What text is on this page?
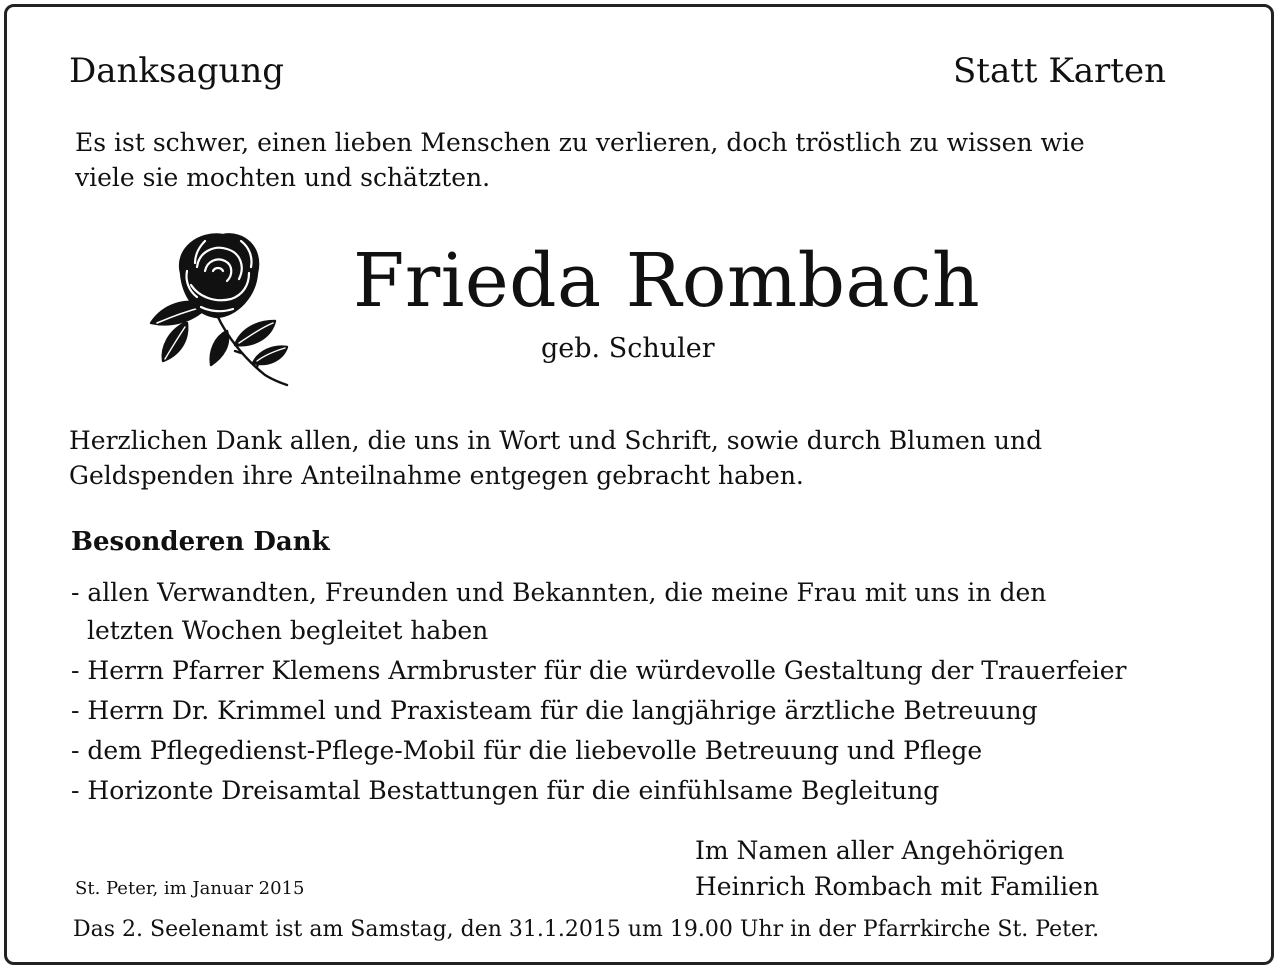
Danksagung	Statt Karten

Es ist schwer, einen lieben Menschen zu verlieren, doch tröstlich zu wissen wie

viele sie mochten und schätzten.

Frieda Rombach

geb. Schuler

Herzlichen Dank allen, die uns in Wort und Schrift, sowie durch Blumen und

Geldspenden ihre Anteilnahme entgegen gebracht haben.

Besonderen Dank

- allen Verwandten, Freunden und Bekannten, die meine Frau mit uns in den

letzten Wochen begleitet haben

- Herrn Pfarrer Klemens Armbruster für die würdevolle Gestaltung der Trauerfeier

- Herrn Dr. Krimmel und Praxisteam für die langjährige ärztliche Betreuung

- dem Pflegedienst-Pflege-Mobil für die liebevolle Betreuung und Pflege

- Horizonte Dreisamtal Bestattungen für die einfühlsame Begleitung

Im Namen aller Angehörigen

Heinrich Rombach mit Familien

St. Peter, im Januar 2015

Das 2. Seelenamt ist am Samstag, den 31.1.2015 um 19.00 Uhr in der Pfarrkirche St. Peter.
